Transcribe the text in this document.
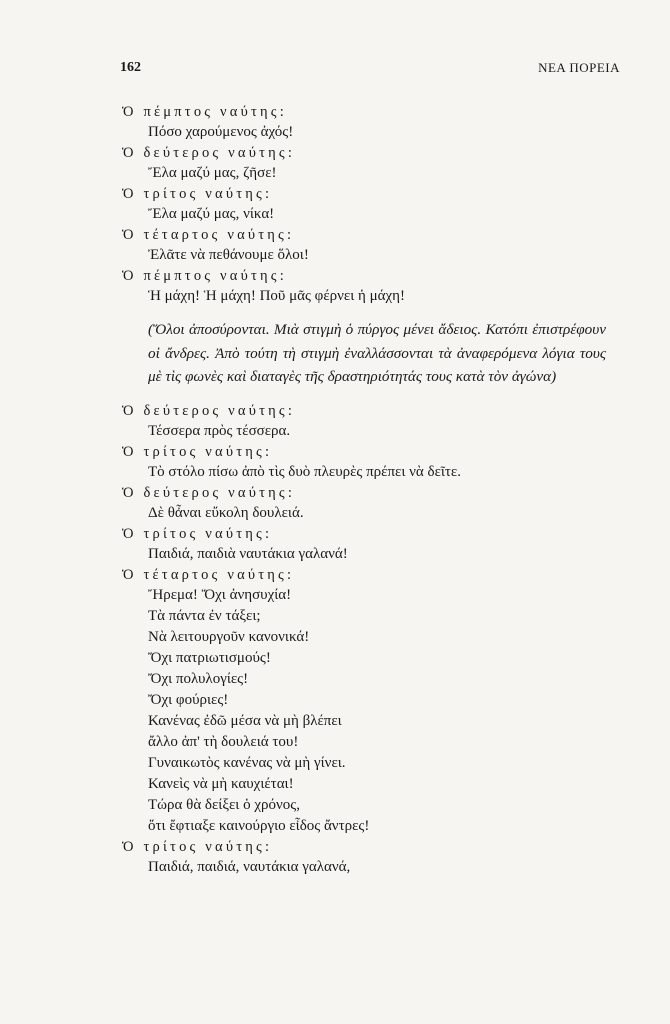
162	ΝΕΑ ΠΟΡΕΙΑ
Ὁ πέμπτος ναύτης:
Πόσο χαρούμενος ἀχός!
Ὁ δεύτερος ναύτης:
Ἔλα μαζύ μας, ζῆσε!
Ὁ τρίτος ναύτης:
Ἔλα μαζύ μας, νίκα!
Ὁ τέταρτος ναύτης:
Ἐλᾶτε νὰ πεθάνουμε ὅλοι!
Ὁ πέμπτος ναύτης:
Ἡ μάχη! Ἡ μάχη! Ποῦ μᾶς φέρνει ἡ μάχη!
(Ὅλοι ἀποσύρονται. Μιὰ στιγμὴ ὁ πύργος μένει ἄδειος. Κατόπι ἐπιστρέφουν οἱ ἄνδρες. Ἀπὸ τούτη τὴ στιγμὴ ἐναλλάσσονται τὰ ἀναφερόμενα λόγια τους μὲ τὶς φωνὲς καὶ διαταγὲς τῆς δραστηριότητάς τους κατὰ τὸν ἀγώνα)
Ὁ δεύτερος ναύτης:
Τέσσερα πρὸς τέσσερα.
Ὁ τρίτος ναύτης:
Τὸ στόλο πίσω ἀπὸ τὶς δυὸ πλευρὲς πρέπει νὰ δεῖτε.
Ὁ δεύτερος ναύτης:
Δὲ θἆναι εὔκολη δουλειά.
Ὁ τρίτος ναύτης:
Παιδιά, παιδιὰ ναυτάκια γαλανά!
Ὁ τέταρτος ναύτης:
Ἤρεμα! Ὄχι ἀνησυχία!
Τὰ πάντα ἐν τάξει;
Νὰ λειτουργοῦν κανονικά!
Ὄχι πατριωτισμούς!
Ὄχι πολυλογίες!
Ὄχι φούριες!
Κανένας ἐδῶ μέσα νὰ μὴ βλέπει
ἄλλο ἀπ' τὴ δουλειά του!
Γυναικωτὸς κανένας νὰ μὴ γίνει.
Κανεὶς νὰ μὴ καυχιέται!
Τώρα θὰ δείξει ὁ χρόνος,
ὅτι ἔφτιαξε καινούργιο εἶδος ἄντρες!
Ὁ τρίτος ναύτης:
Παιδιά, παιδιά, ναυτάκια γαλανά,
